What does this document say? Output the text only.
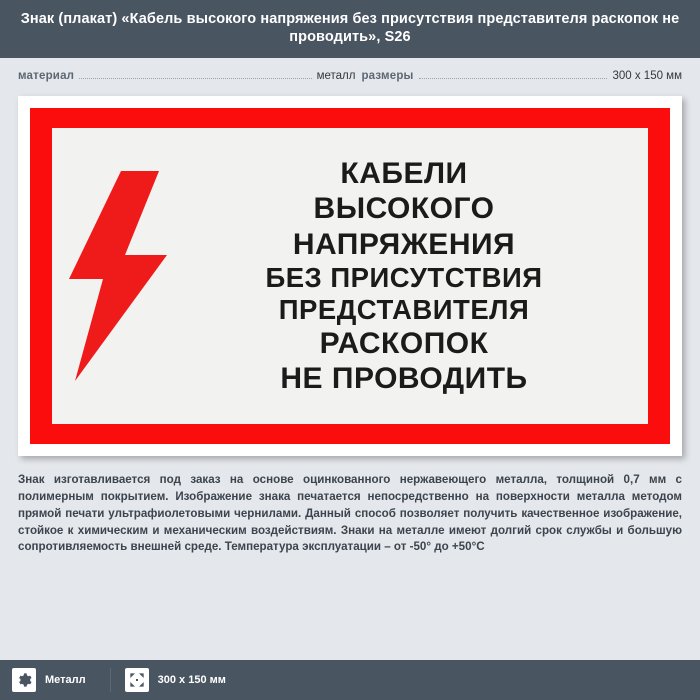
Знак (плакат) «Кабель высокого напряжения без присутствия представителя раскопок не проводить», S26
материал	металл размеры	300 x 150 мм
КАБЕЛИ
ВЫСОКОГО
НАПРЯЖЕНИЯ
БЕЗ ПРИСУТСТВИЯ
ПРЕДСТАВИТЕЛЯ
РАСКОПОК
НЕ ПРОВОДИТЬ
Знак изготавливается под заказ на основе оцинкованного нержавеющего металла, толщиной 0,7 мм с полимерным покрытием. Изображение знака печатается непосредственно на поверхности металла методом прямой печати ультрафиолетовыми чернилами. Данный способ позволяет получить качественное изображение, стойкое к химическим и механическим воздействиям. Знаки на металле имеют долгий срок службы и большую сопротивляемость внешней среде. Температура эксплуатации – от -50° до +50°С
Металл	300 x 150 мм
